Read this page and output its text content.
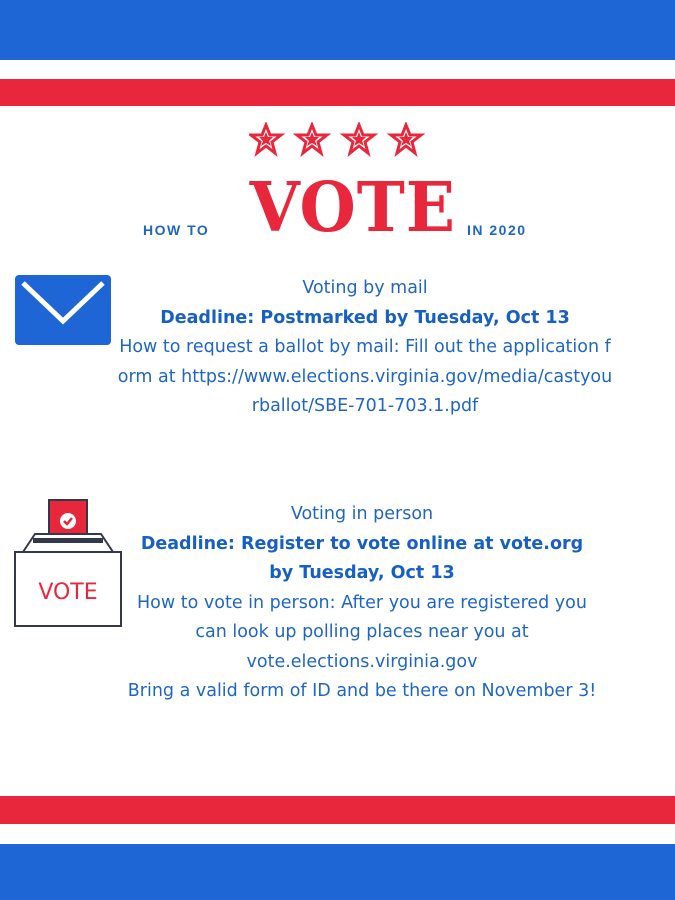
HOW TO VOTE IN 2020

Voting by mail

Deadline: Postmarked by Tuesday, Oct 13

How to request a ballot by mail: Fill out the application form at https://www.elections.virginia.gov/media/castyourballot/SBE-701-703.1.pdf

VOTE

Voting in person

Deadline: Register to vote online at vote.org by Tuesday, Oct 13

How to vote in person: After you are registered you can look up polling places near you at vote.elections.virginia.gov

Bring a valid form of ID and be there on November 3!
